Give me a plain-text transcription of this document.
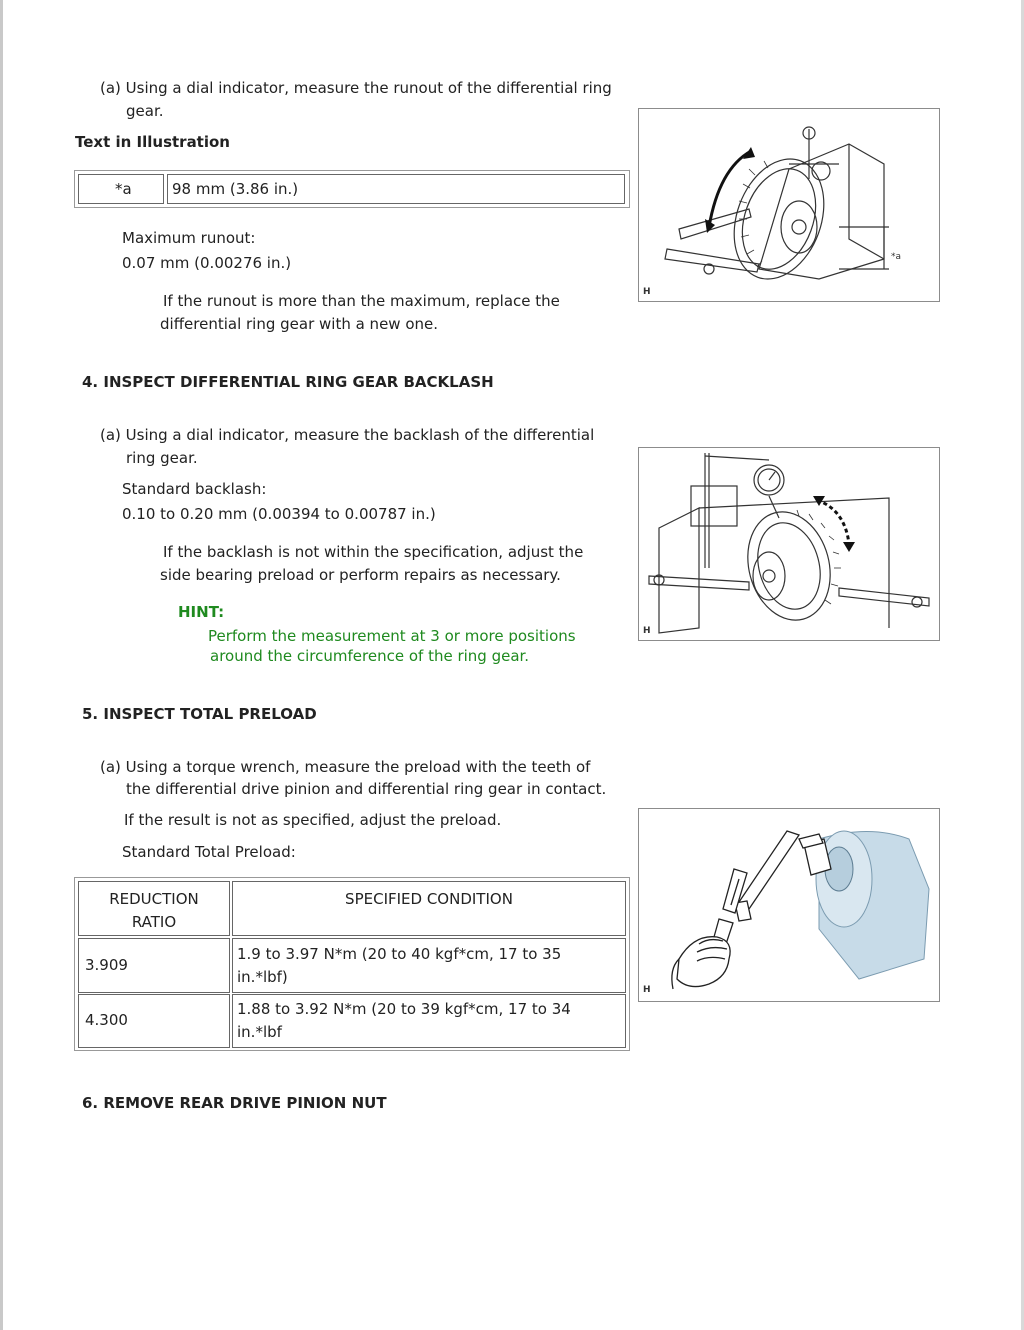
(a) Using a dial indicator, measure the runout of the differential ring
gear.
Text in Illustration
*a	98 mm (3.86 in.)
Maximum runout:
0.07 mm (0.00276 in.)
If the runout is more than the maximum, replace the
differential ring gear with a new one.
*a
H
4. INSPECT DIFFERENTIAL RING GEAR BACKLASH
(a) Using a dial indicator, measure the backlash of the differential
ring gear.
Standard backlash:
0.10 to 0.20 mm (0.00394 to 0.00787 in.)
If the backlash is not within the specification, adjust the
side bearing preload or perform repairs as necessary.
HINT:
Perform the measurement at 3 or more positions
around the circumference of the ring gear.
H
5. INSPECT TOTAL PRELOAD
(a) Using a torque wrench, measure the preload with the teeth of
the differential drive pinion and differential ring gear in contact.
If the result is not as specified, adjust the preload.
Standard Total Preload:
REDUCTION
RATIO
SPECIFIED CONDITION
3.909
1.9 to 3.97 N*m (20 to 40 kgf*cm, 17 to 35
in.*lbf)
4.300
1.88 to 3.92 N*m (20 to 39 kgf*cm, 17 to 34
in.*lbf
H
6. REMOVE REAR DRIVE PINION NUT
